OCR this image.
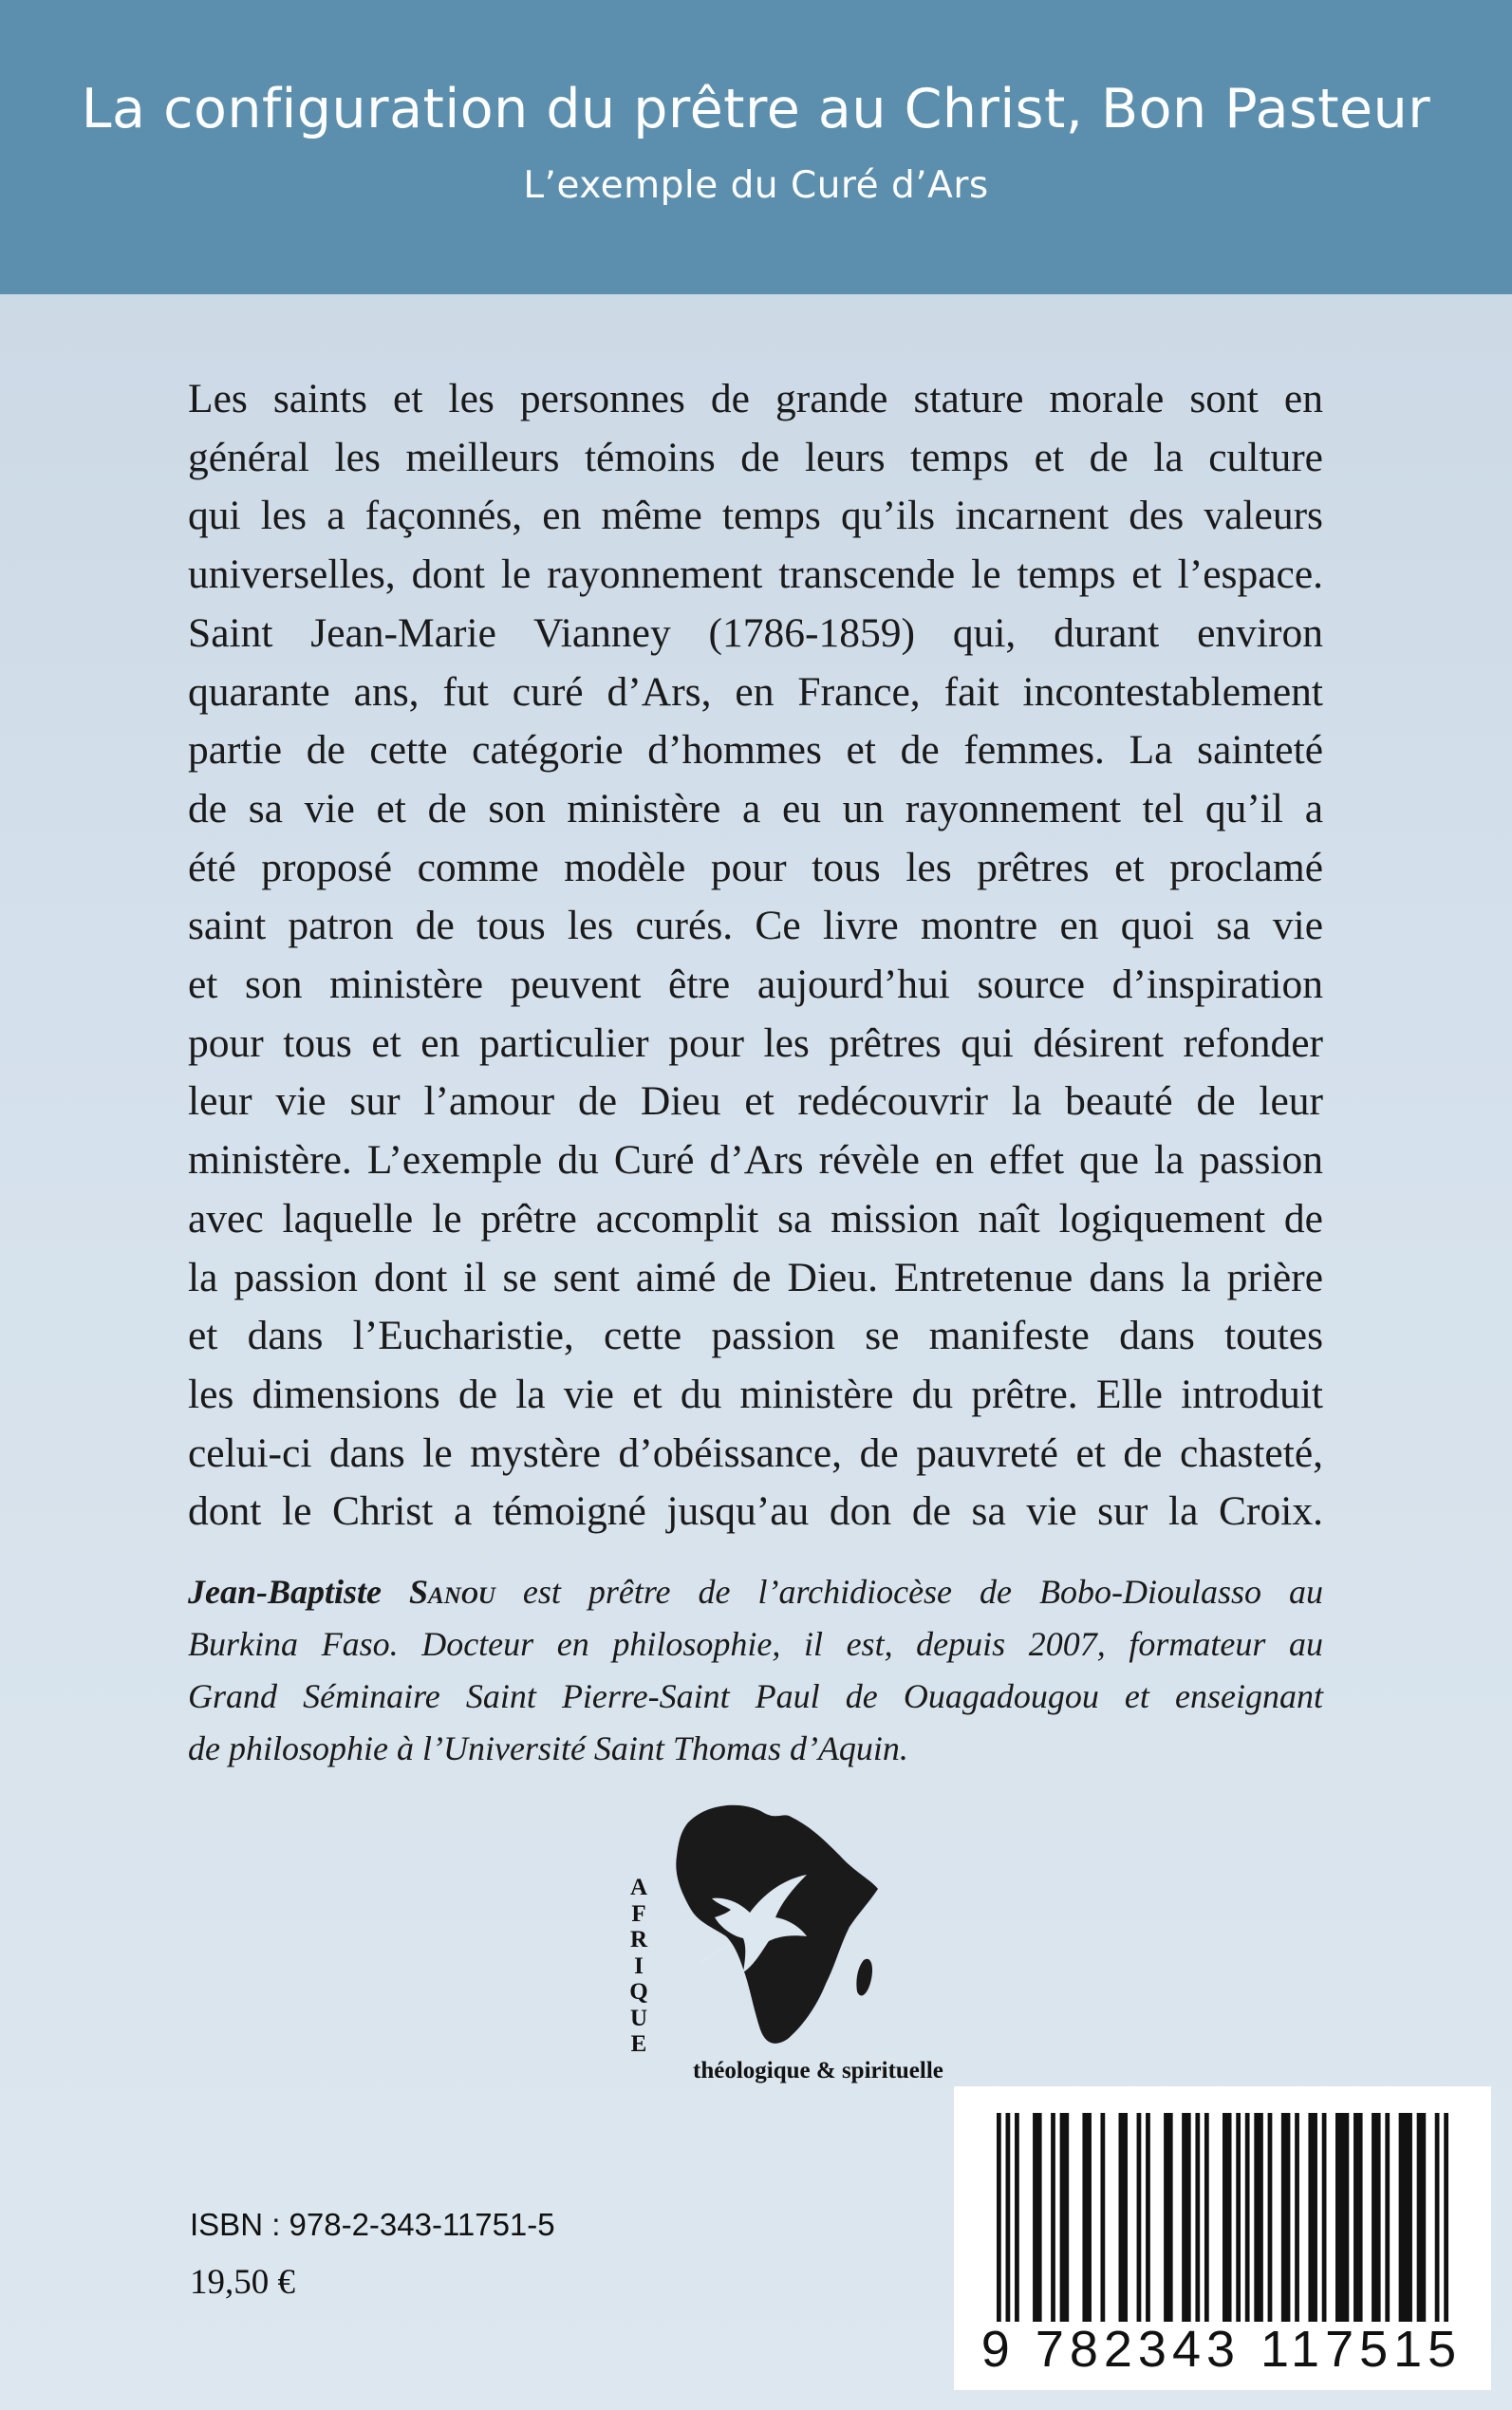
La configuration du prêtre au Christ, Bon Pasteur
L’exemple du Curé d’Ars
Les saints et les personnes de grande stature morale sont en
général les meilleurs témoins de leurs temps et de la culture
qui les a façonnés, en même temps qu’ils incarnent des valeurs
universelles, dont le rayonnement transcende le temps et l’espace.
Saint Jean-Marie Vianney (1786-1859) qui, durant environ
quarante ans, fut curé d’Ars, en France, fait incontestablement
partie de cette catégorie d’hommes et de femmes. La sainteté
de sa vie et de son ministère a eu un rayonnement tel qu’il a
été proposé comme modèle pour tous les prêtres et proclamé
saint patron de tous les curés. Ce livre montre en quoi sa vie
et son ministère peuvent être aujourd’hui source d’inspiration
pour tous et en particulier pour les prêtres qui désirent refonder
leur vie sur l’amour de Dieu et redécouvrir la beauté de leur
ministère. L’exemple du Curé d’Ars révèle en effet que la passion
avec laquelle le prêtre accomplit sa mission naît logiquement de
la passion dont il se sent aimé de Dieu. Entretenue dans la prière
et dans l’Eucharistie, cette passion se manifeste dans toutes
les dimensions de la vie et du ministère du prêtre. Elle introduit
celui-ci dans le mystère d’obéissance, de pauvreté et de chasteté,
dont le Christ a témoigné jusqu’au don de sa vie sur la Croix.
Jean-Baptiste Sanou est prêtre de l’archidiocèse de Bobo-Dioulasso au
Burkina Faso. Docteur en philosophie, il est, depuis 2007, formateur au
Grand Séminaire Saint Pierre-Saint Paul de Ouagadougou et enseignant
de philosophie à l’Université Saint Thomas d’Aquin.
A
F
R
I
Q
U
E
théologique & spirituelle
ISBN : 978-2-343-11751-5
19,50 €
9 782343 117515
